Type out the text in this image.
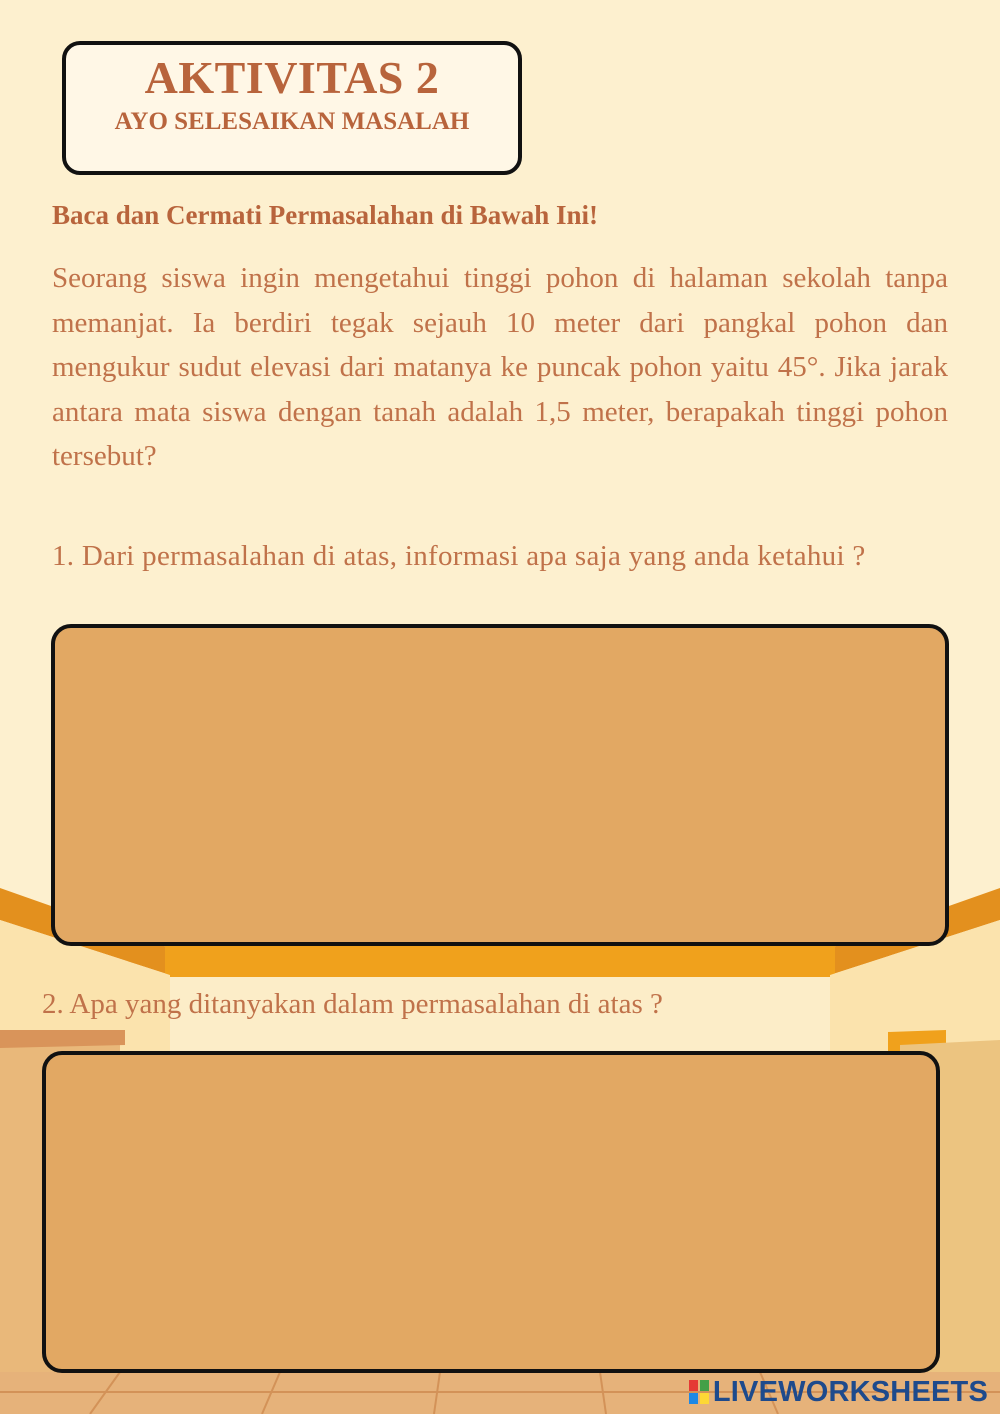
AKTIVITAS 2
AYO SELESAIKAN MASALAH
Baca dan Cermati Permasalahan di Bawah Ini!
Seorang siswa ingin mengetahui tinggi pohon di halaman sekolah tanpa memanjat. Ia berdiri tegak sejauh 10 meter dari pangkal pohon dan mengukur sudut elevasi dari matanya ke puncak pohon yaitu 45°. Jika jarak antara mata siswa dengan tanah adalah 1,5 meter, berapakah tinggi pohon tersebut?
1. Dari permasalahan di atas, informasi apa saja yang anda ketahui ?
2. Apa yang ditanyakan dalam permasalahan di atas ?
LIVEWORKSHEETS
